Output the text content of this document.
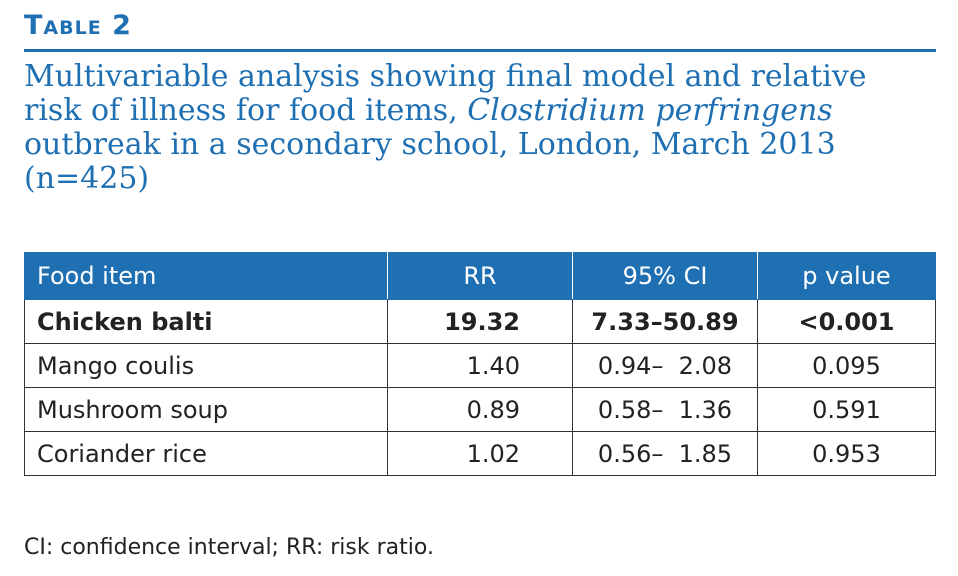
Table 2
Multivariable analysis showing final model and relative risk of illness for food items, Clostridium perfringens outbreak in a secondary school, London, March 2013 (n=425)
Food item	RR	95% CI	p value
Chicken balti	19.32	7.33–50.89	<0.001
Mango coulis	1.40	0.94–  2.08	0.095
Mushroom soup	0.89	0.58–  1.36	0.591
Coriander rice	1.02	0.56–  1.85	0.953
CI: confidence interval; RR: risk ratio.
